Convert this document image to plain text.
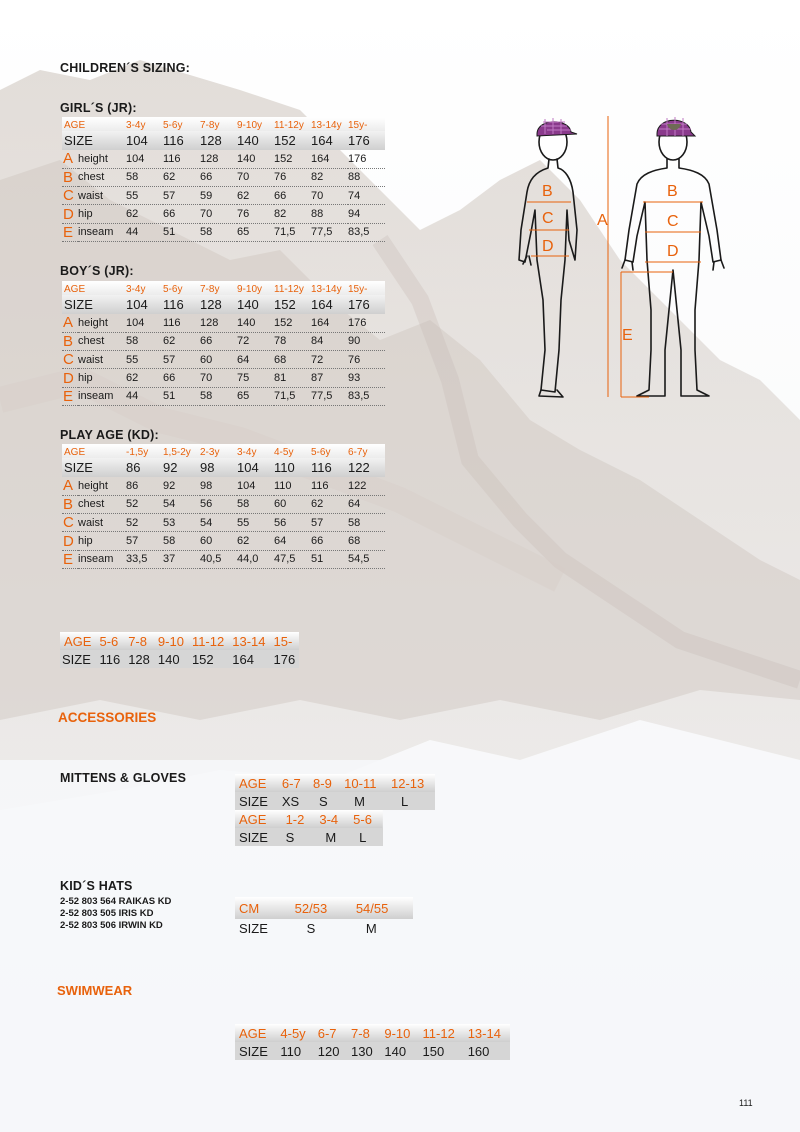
CHILDREN´S SIZING:
GIRL´S (JR):
AGE		3-4y	5-6y	7-8y	9-10y	11-12y	13-14y	15y-
SIZE		104	116	128	140	152	164	176
A	height	104	116	128	140	152	164	176
B	chest	58	62	66	70	76	82	88
C	waist	55	57	59	62	66	70	74
D	hip	62	66	70	76	82	88	94
E	inseam	44	51	58	65	71,5	77,5	83,5
BOY´S (JR):
AGE		3-4y	5-6y	7-8y	9-10y	11-12y	13-14y	15y-
SIZE		104	116	128	140	152	164	176
A	height	104	116	128	140	152	164	176
B	chest	58	62	66	72	78	84	90
C	waist	55	57	60	64	68	72	76
D	hip	62	66	70	75	81	87	93
E	inseam	44	51	58	65	71,5	77,5	83,5
PLAY AGE (KD):
AGE		-1,5y	1,5-2y	2-3y	3-4y	4-5y	5-6y	6-7y
SIZE		86	92	98	104	110	116	122
A	height	86	92	98	104	110	116	122
B	chest	52	54	56	58	60	62	64
C	waist	52	53	54	55	56	57	58
D	hip	57	58	60	62	64	66	68
E	inseam	33,5	37	40,5	44,0	47,5	51	54,5
B
C
D
A
B
C
D
E
AGE	5-6	7-8	9-10	11-12	13-14	15-
SIZE	116	128	140	152	164	176
ACCESSORIES
MITTENS & GLOVES	AGE	6-7	8-9	10-11	12-13
SIZE	XS	S	M	L
AGE	1-2	3-4	5-6
SIZE	S	M	L
KID´S HATS
2-52 803 564 RAIKAS KD
2-52 803 505 IRIS KD
2-52 803 506 IRWIN KD
CM	52/53	54/55
SIZE	S	M
SWIMWEAR
AGE	4-5y	6-7	7-8	9-10	11-12	13-14
SIZE	110	120	130	140	150	160
111
